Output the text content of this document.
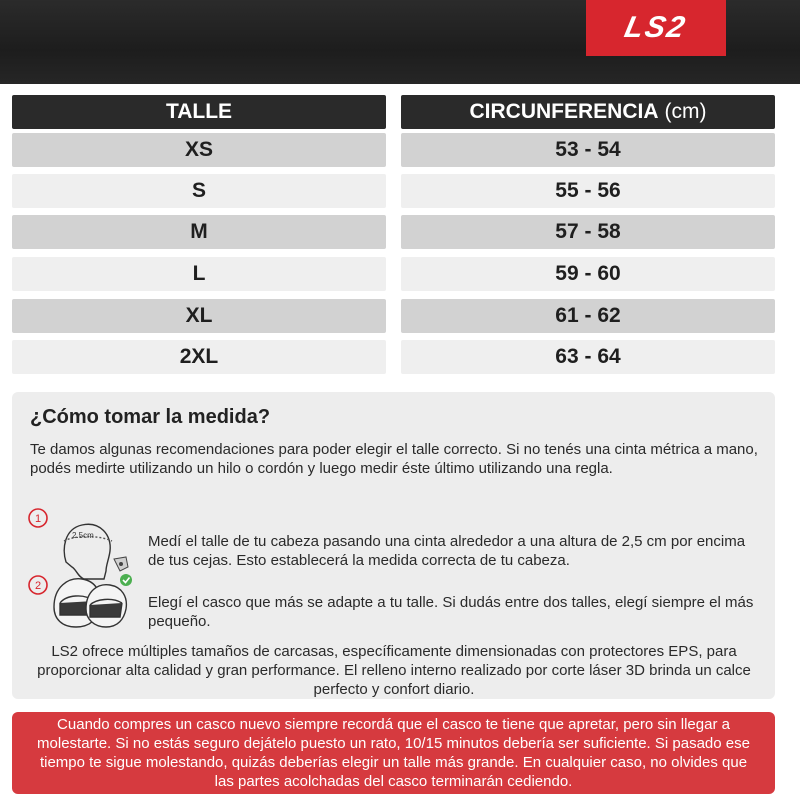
LS2
TALLE	CIRCUNFERENCIA (cm)
XS	53 - 54
S	55 - 56
M	57 - 58
L	59 - 60
XL	61 - 62
2XL	63 - 64
¿Cómo tomar la medida?

Te damos algunas recomendaciones para poder elegir el talle correcto. Si no tenés una cinta métrica a mano, podés medirte utilizando un hilo o cordón y luego medir éste último utilizando una regla.

1
2.5cm
2

Medí el talle de tu cabeza pasando una cinta alrededor a una altura de 2,5 cm por encima de tus cejas. Esto establecerá la medida correcta de tu cabeza.

Elegí el casco que más se adapte a tu talle. Si dudás entre dos talles, elegí siempre el más pequeño.

LS2 ofrece múltiples tamaños de carcasas, específicamente dimensionadas con protectores EPS, para proporcionar alta calidad y gran performance. El relleno interno realizado por corte láser 3D brinda un calce perfecto y confort diario.

Cuando compres un casco nuevo siempre recordá que el casco te tiene que apretar, pero sin llegar a molestarte. Si no estás seguro dejátelo puesto un rato, 10/15 minutos debería ser suficiente. Si pasado ese tiempo te sigue molestando, quizás deberías elegir un talle más grande. En cualquier caso, no olvides que las partes acolchadas del casco terminarán cediendo.
